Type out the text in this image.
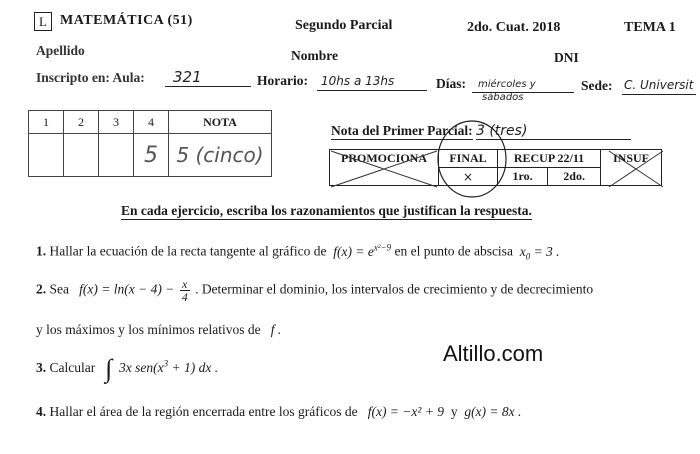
L MATEMÁTICA (51)	Segundo Parcial	2do. Cuat. 2018	TEMA 1
Apellido	Nombre	DNI
Inscripto en: Aula:	321	Horario:	10hs a 13hs	Días:	miércoles y
sábados
Sede: C. Universit
1	2	3	4	NOTA
			5	5 (cinco)
Nota del Primer Parcial: 3 (tres)
PROMOCIONA	FINAL	RECUP 22/11		INSUF
	×	1ro.	2do.	
En cada ejercicio, escriba los razonamientos que justifican la respuesta.
1. Hallar la ecuación de la recta tangente al gráfico de  $f(x) = e^{x^2-9}$ en el punto de abscisa  $x_0 = 3$ .
2. Sea   $f(x) = \ln(x - 4) - \frac{x}{4}$ . Determinar el dominio, los intervalos de crecimiento y de decrecimiento
y los máximos y los mínimos relativos de   f .
3. Calcular  ∫  3x $sen(x^3 + 1)$ dx .
Altillo.com
4. Hallar el área de la región encerrada entre los gráficos de   f(x) = −x² + 9  y  g(x) = 8x .
